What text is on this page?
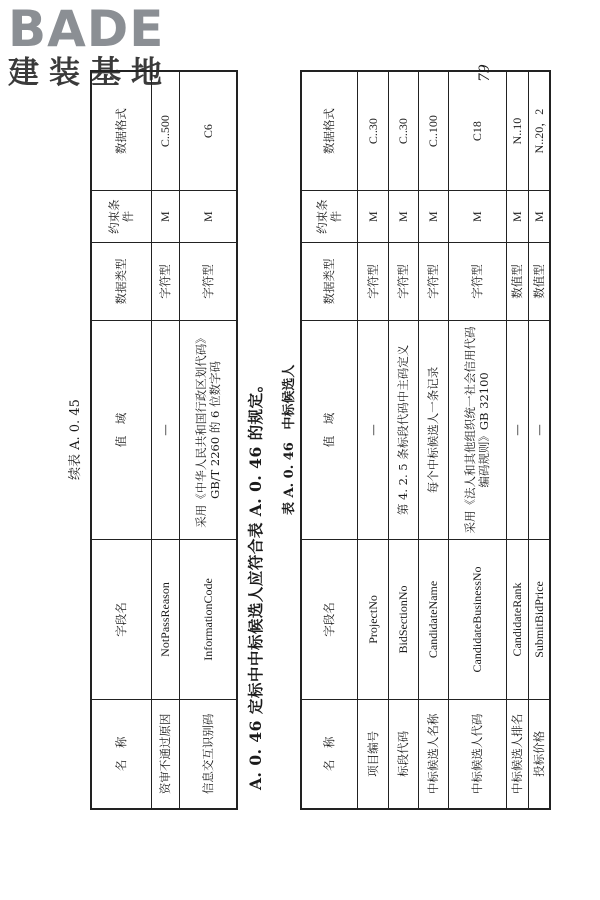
BADE
建装基地
续表 A. 0. 45
名　称	字段名	值　域	数据类型	约束条件	数据格式
资审不通过原因	NotPassReason	—	字符型	M	C..500
信息交互识别码	InformationCode	采用《中华人民共和国行政区划代码》GB/T 2260 的 6 位数字码	字符型	M	C6
A. 0. 46 定标中中标候选人应符合表 A. 0. 46 的规定。	表 A. 0. 46 中标候选人
名　称	字段名	值　域	数据类型	约束条件	数据格式
项目编号	ProjectNo	—	字符型	M	C..30
标段代码	BidSectionNo	第 4. 2. 5 条标段代码中主码定义	字符型	M	C..30
中标候选人名称	CandidateName	每个中标候选人一条记录	字符型	M	C..100
中标候选人代码	CandidateBusinessNo	采用《法人和其他组织统一社会信用代码编码规则》GB 32100	字符型	M	C18
中标候选人排名	CandidateRank	—	数值型	M	N..10
投标价格	SubmitBidPrice	—	数值型	M	N..20，2
79
